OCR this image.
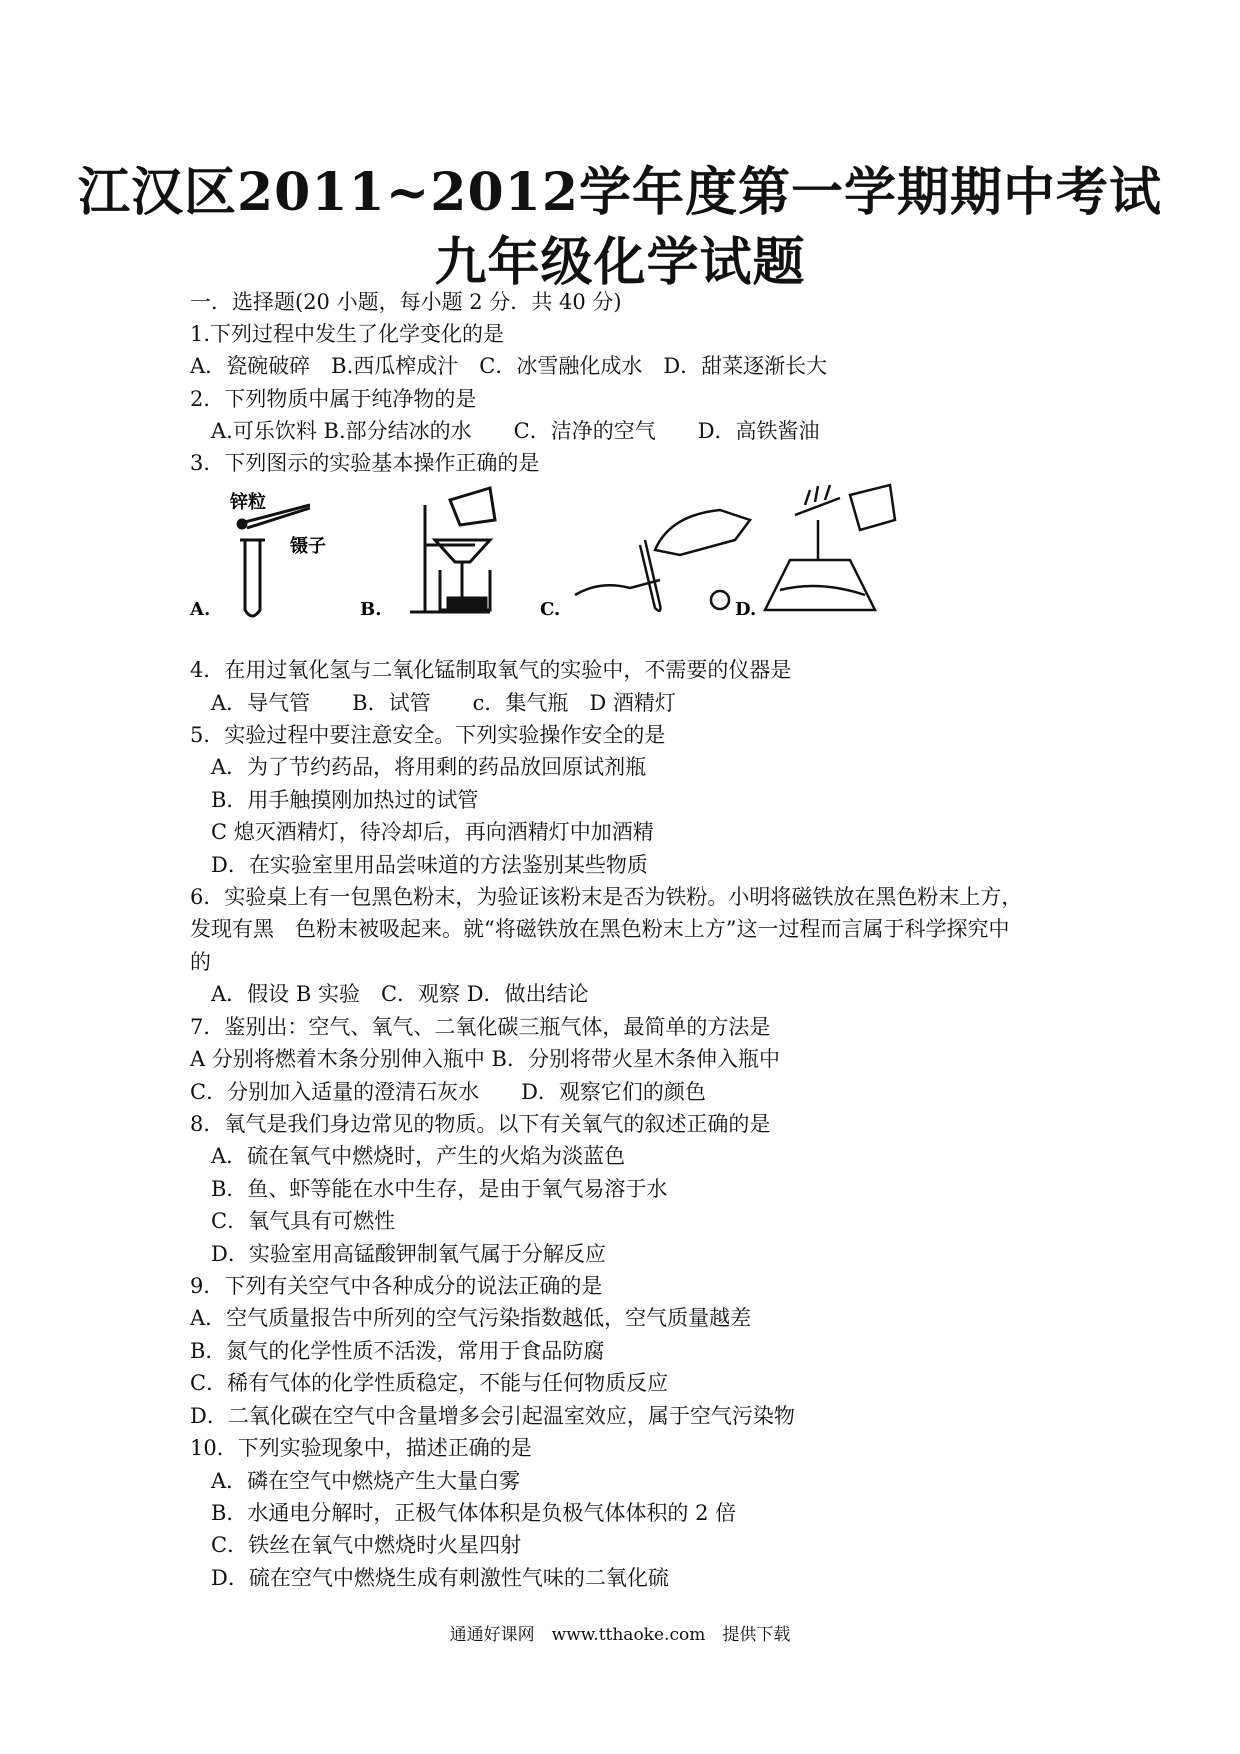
江汉区2011~2012学年度第一学期期中考试
九年级化学试题
一．选择题(20 小题，每小题 2 分．共 40 分)
1.下列过程中发生了化学变化的是
A．瓷碗破碎　B.西瓜榨成汁　C．冰雪融化成水　D．甜菜逐渐长大
2．下列物质中属于纯净物的是
　A.可乐饮料 B.部分结冰的水　　C．洁净的空气　　D．高铁酱油
3．下列图示的实验基本操作正确的是
锌粒
镊子
A.	B.	C.	D.
4．在用过氧化氢与二氧化锰制取氧气的实验中，不需要的仪器是
　A．导气管　　B．试管　　c．集气瓶　D 酒精灯
5．实验过程中要注意安全。下列实验操作安全的是
　A．为了节约药品，将用剩的药品放回原试剂瓶
　B．用手触摸刚加热过的试管
　C 熄灭酒精灯，待冷却后，再向酒精灯中加酒精
　D．在实验室里用品尝味道的方法鉴别某些物质
6．实验桌上有一包黑色粉末，为验证该粉末是否为铁粉。小明将磁铁放在黑色粉末上方，
发现有黑　色粉末被吸起来。就“将磁铁放在黑色粉末上方”这一过程而言属于科学探究中
的
　A．假设 B 实验　C．观察 D．做出结论
7．鉴别出：空气、氧气、二氧化碳三瓶气体，最简单的方法是
A 分别将燃着木条分别伸入瓶中 B．分别将带火星木条伸入瓶中
C．分别加入适量的澄清石灰水　　D．观察它们的颜色
8．氧气是我们身边常见的物质。以下有关氧气的叙述正确的是
　A．硫在氧气中燃烧时，产生的火焰为淡蓝色
　B．鱼、虾等能在水中生存，是由于氧气易溶于水
　C．氧气具有可燃性
　D．实验室用高锰酸钾制氧气属于分解反应
9．下列有关空气中各种成分的说法正确的是
A．空气质量报告中所列的空气污染指数越低，空气质量越差
B．氮气的化学性质不活泼，常用于食品防腐
C．稀有气体的化学性质稳定，不能与任何物质反应
D．二氧化碳在空气中含量增多会引起温室效应，属于空气污染物
10．下列实验现象中，描述正确的是
　A．磷在空气中燃烧产生大量白雾
　B．水通电分解时，正极气体体积是负极气体体积的 2 倍
　C．铁丝在氧气中燃烧时火星四射
　D．硫在空气中燃烧生成有刺激性气味的二氧化硫
通通好课网　www.tthaoke.com　提供下载
